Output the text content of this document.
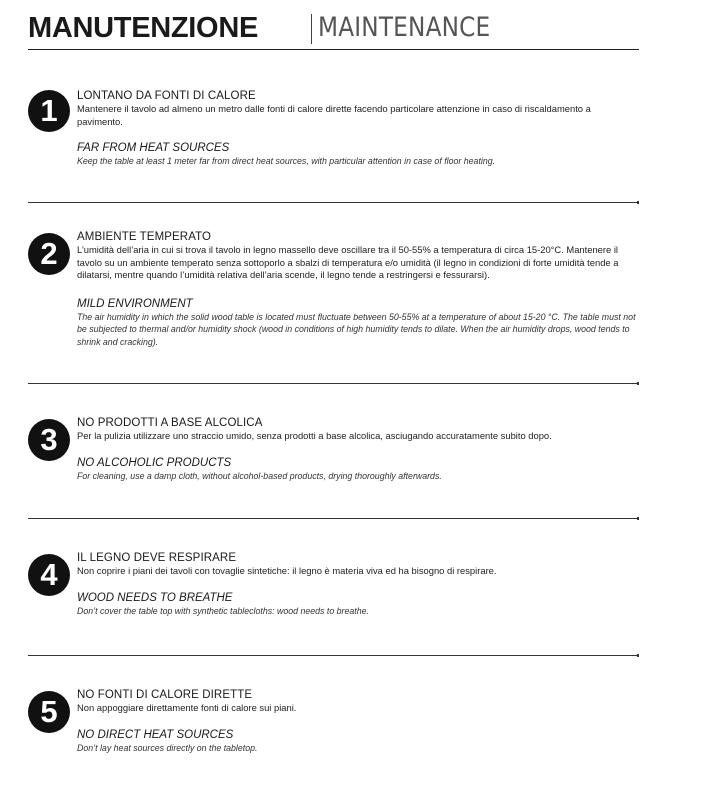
MANUTENZIONE MAINTENANCE
1	LONTANO DA FONTI DI CALORE

Mantenere il tavolo ad almeno un metro dalle fonti di calore dirette facendo particolare attenzione in caso di riscaldamento a pavimento.

FAR FROM HEAT SOURCES

Keep the table at least 1 meter far from direct heat sources, with particular attention in case of floor heating.

2	AMBIENTE TEMPERATO

L’umidità dell’aria in cui si trova il tavolo in legno massello deve oscillare tra il 50-55% a temperatura di circa 15-20°C. Mantenere il tavolo su un ambiente temperato senza sottoporlo a sbalzi di temperatura e/o umidità (il legno in condizioni di forte umidità tende a dilatarsi, mentre quando l’umidità relativa dell’aria scende, il legno tende a restringersi e fessurarsi).

MILD ENVIRONMENT

The air humidity in which the solid wood table is located must fluctuate between 50-55% at a temperature of about 15-20 °C. The table must not be subjected to thermal and/or humidity shock (wood in conditions of high humidity tends to dilate. When the air humidity drops, wood tends to shrink and cracking).

3	NO PRODOTTI A BASE ALCOLICA

Per la pulizia utilizzare uno straccio umido, senza prodotti a base alcolica, asciugando accuratamente subito dopo.

NO ALCOHOLIC PRODUCTS

For cleaning, use a damp cloth, without alcohol-based products, drying thoroughly afterwards.

4	IL LEGNO DEVE RESPIRARE

Non coprire i piani dei tavoli con tovaglie sintetiche: il legno è materia viva ed ha bisogno di respirare.

WOOD NEEDS TO BREATHE

Don’t cover the table top with synthetic tablecloths: wood needs to breathe.

5	NO FONTI DI CALORE DIRETTE

Non appoggiare direttamente fonti di calore sui piani.

NO DIRECT HEAT SOURCES

Don’t lay heat sources directly on the tabletop.
